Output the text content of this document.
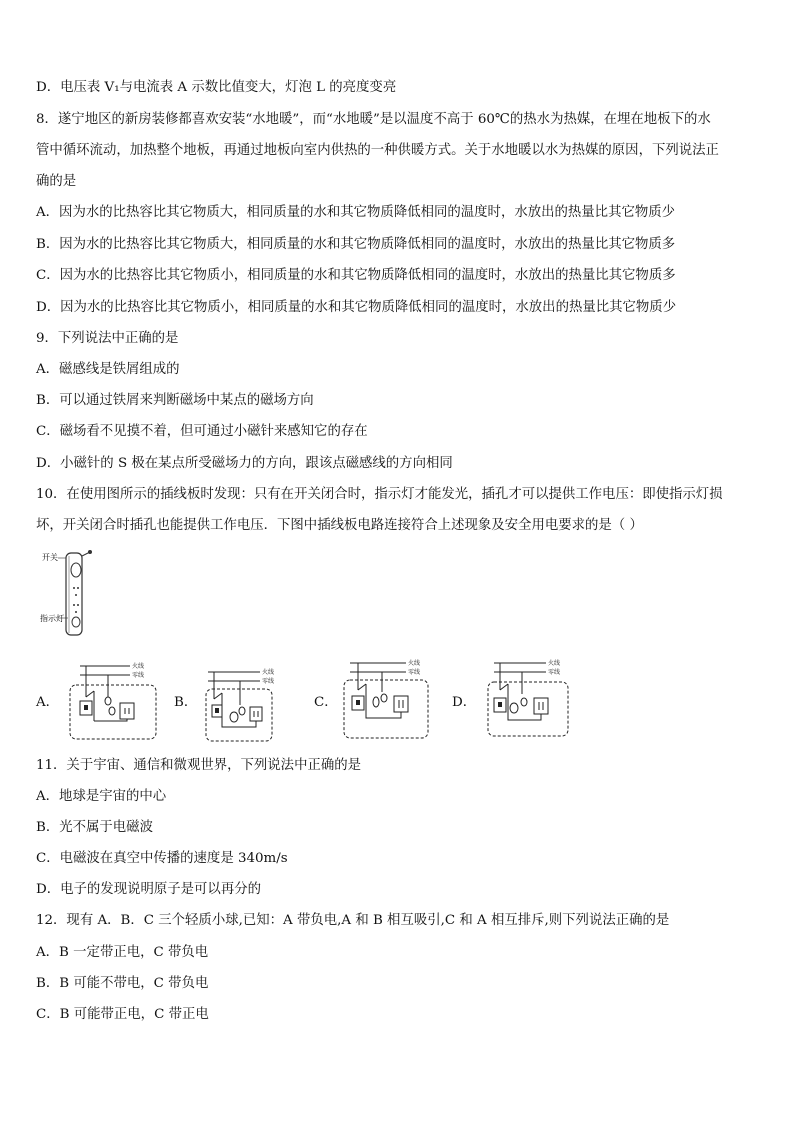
D．电压表 V₁与电流表 A 示数比值变大，灯泡 L 的亮度变亮
8．遂宁地区的新房装修都喜欢安装“水地暖”，而“水地暖”是以温度不高于 60℃的热水为热媒，在埋在地板下的水
管中循环流动，加热整个地板，再通过地板向室内供热的一种供暖方式。关于水地暖以水为热媒的原因，下列说法正
确的是
A．因为水的比热容比其它物质大，相同质量的水和其它物质降低相同的温度时，水放出的热量比其它物质少
B．因为水的比热容比其它物质大，相同质量的水和其它物质降低相同的温度时，水放出的热量比其它物质多
C．因为水的比热容比其它物质小，相同质量的水和其它物质降低相同的温度时，水放出的热量比其它物质多
D．因为水的比热容比其它物质小，相同质量的水和其它物质降低相同的温度时，水放出的热量比其它物质少
9．下列说法中正确的是
A．磁感线是铁屑组成的
B．可以通过铁屑来判断磁场中某点的磁场方向
C．磁场看不见摸不着，但可通过小磁针来感知它的存在
D．小磁针的 S 极在某点所受磁场力的方向，跟该点磁感线的方向相同
10．在使用图所示的插线板时发现：只有在开关闭合时，指示灯才能发光，插孔才可以提供工作电压：即使指示灯损
坏，开关闭合时插孔也能提供工作电压．下图中插线板电路连接符合上述现象及安全用电要求的是（ ）
11．关于宇宙、通信和微观世界，下列说法中正确的是
A．地球是宇宙的中心
B．光不属于电磁波
C．电磁波在真空中传播的速度是 340m/s
D．电子的发现说明原子是可以再分的
12．现有 A．B．C 三个轻质小球,已知：A 带负电,A 和 B 相互吸引,C 和 A 相互排斥,则下列说法正确的是
A．B 一定带正电，C 带负电
B．B 可能不带电，C 带负电
C．B 可能带正电，C 带正电
开关
指示灯
A．	B．	C．	D．
火线
零线	火线
零线
火线
零线
火线
零线
